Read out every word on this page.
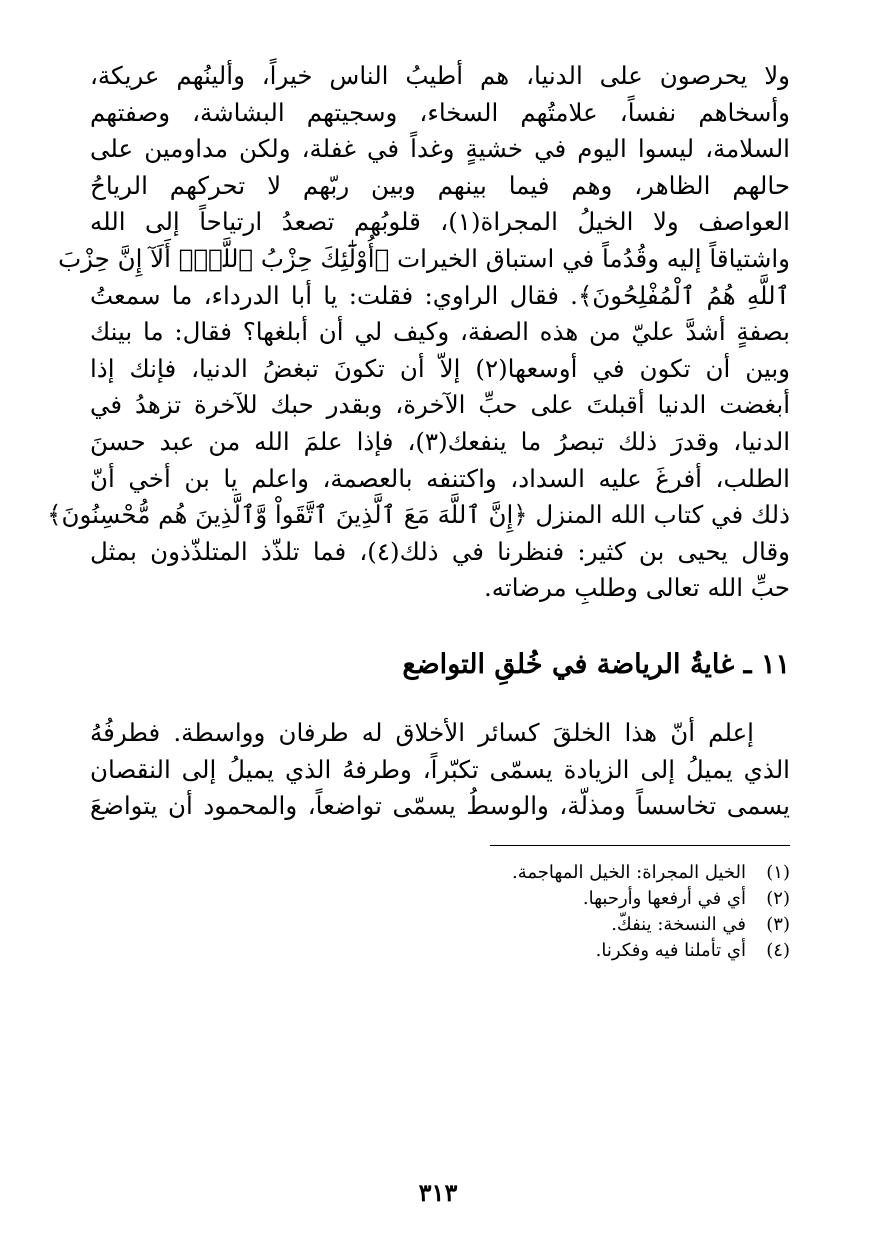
ولا يحرصون على الدنيا، هم أطيبُ الناس خيراً، وألينُهم عريكة،
وأسخاهم نفساً، علامتُهم السخاء، وسجيتهم البشاشة، وصفتهم
السلامة، ليسوا اليوم في خشيةٍ وغداً في غفلة، ولكن مداومين على
حالهم الظاهر، وهم فيما بينهم وبين ربّهم لا تحركهم الرياحُ
العواصف ولا الخيلُ المجراة(١)، قلوبُهم تصعدُ ارتياحاً إلى الله
واشتياقاً إليه وقُدُماً في استباق الخيرات ﴿أُوْلَٰٓئِكَ حِزْبُ ٱللَّهِۚ أَلَآ إِنَّ حِزْبَ
ٱللَّهِ هُمُ ٱلْمُفْلِحُونَ﴾. فقال الراوي: فقلت: يا أبا الدرداء، ما سمعتُ
بصفةٍ أشدَّ عليّ من هذه الصفة، وكيف لي أن أبلغها؟ فقال: ما بينك
وبين أن تكون في أوسعها(٢) إلاّ أن تكونَ تبغضُ الدنيا، فإنك إذا
أبغضت الدنيا أقبلتَ على حبِّ الآخرة، وبقدر حبك للآخرة تزهدُ في
الدنيا، وقدرَ ذلك تبصرُ ما ينفعك(٣)، فإذا علمَ الله من عبد حسنَ
الطلب، أفرغَ عليه السداد، واكتنفه بالعصمة، واعلم يا بن أخي أنّ
ذلك في كتاب الله المنزل ﴿إِنَّ ٱللَّهَ مَعَ ٱلَّذِينَ ٱتَّقَواْ وَّٱلَّذِينَ هُم مُّحْسِنُونَ﴾
وقال يحيى بن كثير: فنظرنا في ذلك(٤)، فما تلذّذ المتلذّذون بمثل
حبِّ الله تعالى وطلبِ مرضاته.
١١ ـ غايةُ الرياضة في خُلقِ التواضع
إعلم أنّ هذا الخلقَ كسائر الأخلاق له طرفان وواسطة. فطرفُهُ
الذي يميلُ إلى الزيادة يسمّى تكبّراً، وطرفهُ الذي يميلُ إلى النقصان
يسمى تخاسساً ومذلّة، والوسطُ يسمّى تواضعاً، والمحمود أن يتواضعَ
(١)الخيل المجراة: الخيل المهاجمة.
(٢)أي في أرفعها وأرحبها.
(٣)في النسخة: ينفكّ.
(٤)أي تأملنا فيه وفكرنا.
٣١٣
